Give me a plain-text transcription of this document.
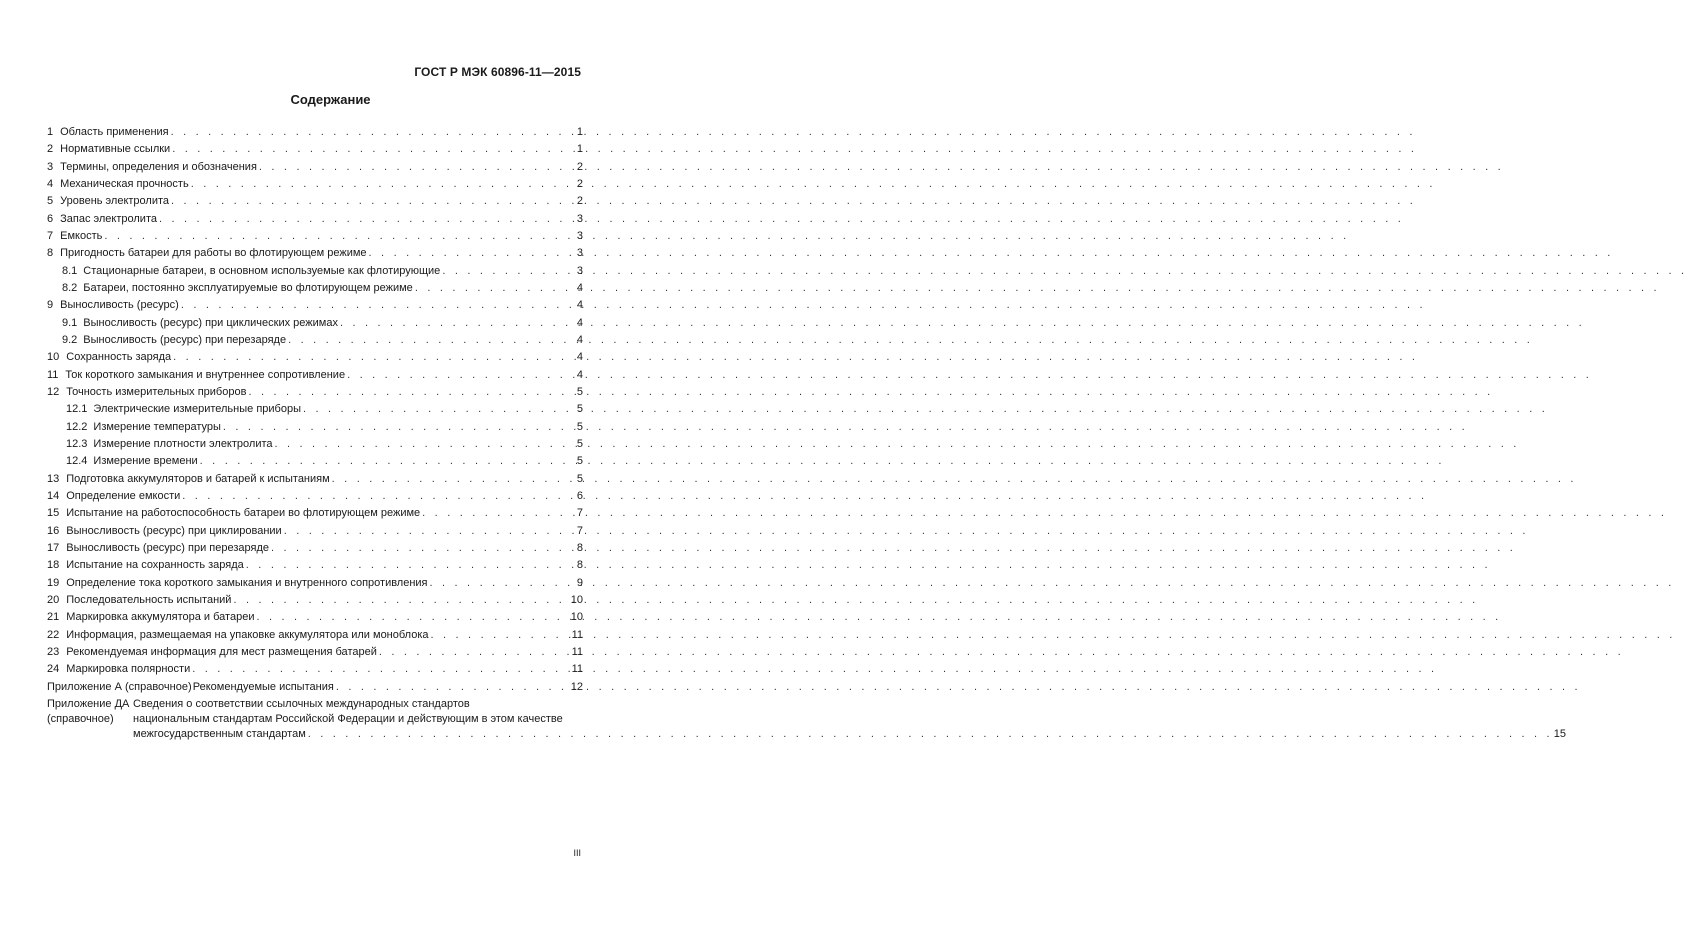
ГОСТ Р МЭК 60896-11—2015
Содержание
1 Область применения . . .	1
2 Нормативные ссылки . . .	1
3 Термины, определения и обозначения . . .	2
4 Механическая прочность . . .	2
5 Уровень электролита . . .	2
6 Запас электролита . . .	3
7 Емкость . . .	3
8 Пригодность батареи для работы во флотирующем режиме . . .	3
8.1 Стационарные батареи, в основном используемые как флотирующие . . .	3
8.2 Батареи, постоянно эксплуатируемые во флотирующем режиме . . .	4
9 Выносливость (ресурс) . . .	4
9.1 Выносливость (ресурс) при циклических режимах . . .	4
9.2 Выносливость (ресурс) при перезаряде . . .	4
10 Сохранность заряда . . .	4
11 Ток короткого замыкания и внутреннее сопротивление . . .	4
12 Точность измерительных приборов . . .	5
12.1 Электрические измерительные приборы . . .	5
12.2 Измерение температуры . . .	5
12.3 Измерение плотности электролита . . .	5
12.4 Измерение времени . . .	5
13 Подготовка аккумуляторов и батарей к испытаниям . . .	5
14 Определение емкости . . .	6
15 Испытание на работоспособность батареи во флотирующем режиме . . .	7
16 Выносливость (ресурс) при циклировании . . .	7
17 Выносливость (ресурс) при перезаряде . . .	8
18 Испытание на сохранность заряда . . .	8
19 Определение тока короткого замыкания и внутренного сопротивления . . .	9
20 Последовательность испытаний . . .	10
21 Маркировка аккумулятора и батареи . . .	10
22 Информация, размещаемая на упаковке аккумулятора или моноблока . . .	11
23 Рекомендуемая информация для мест размещения батарей . . .	11
24 Маркировка полярности . . .	11
Приложение А (справочное) Рекомендуемые испытания . . .	12
Приложение ДА (справочное)
Сведения о соответствии ссылочных международных стандартов
национальным стандартам Российской Федерации и действующим в этом качестве
межгосударственным стандартам . . .	15
III
